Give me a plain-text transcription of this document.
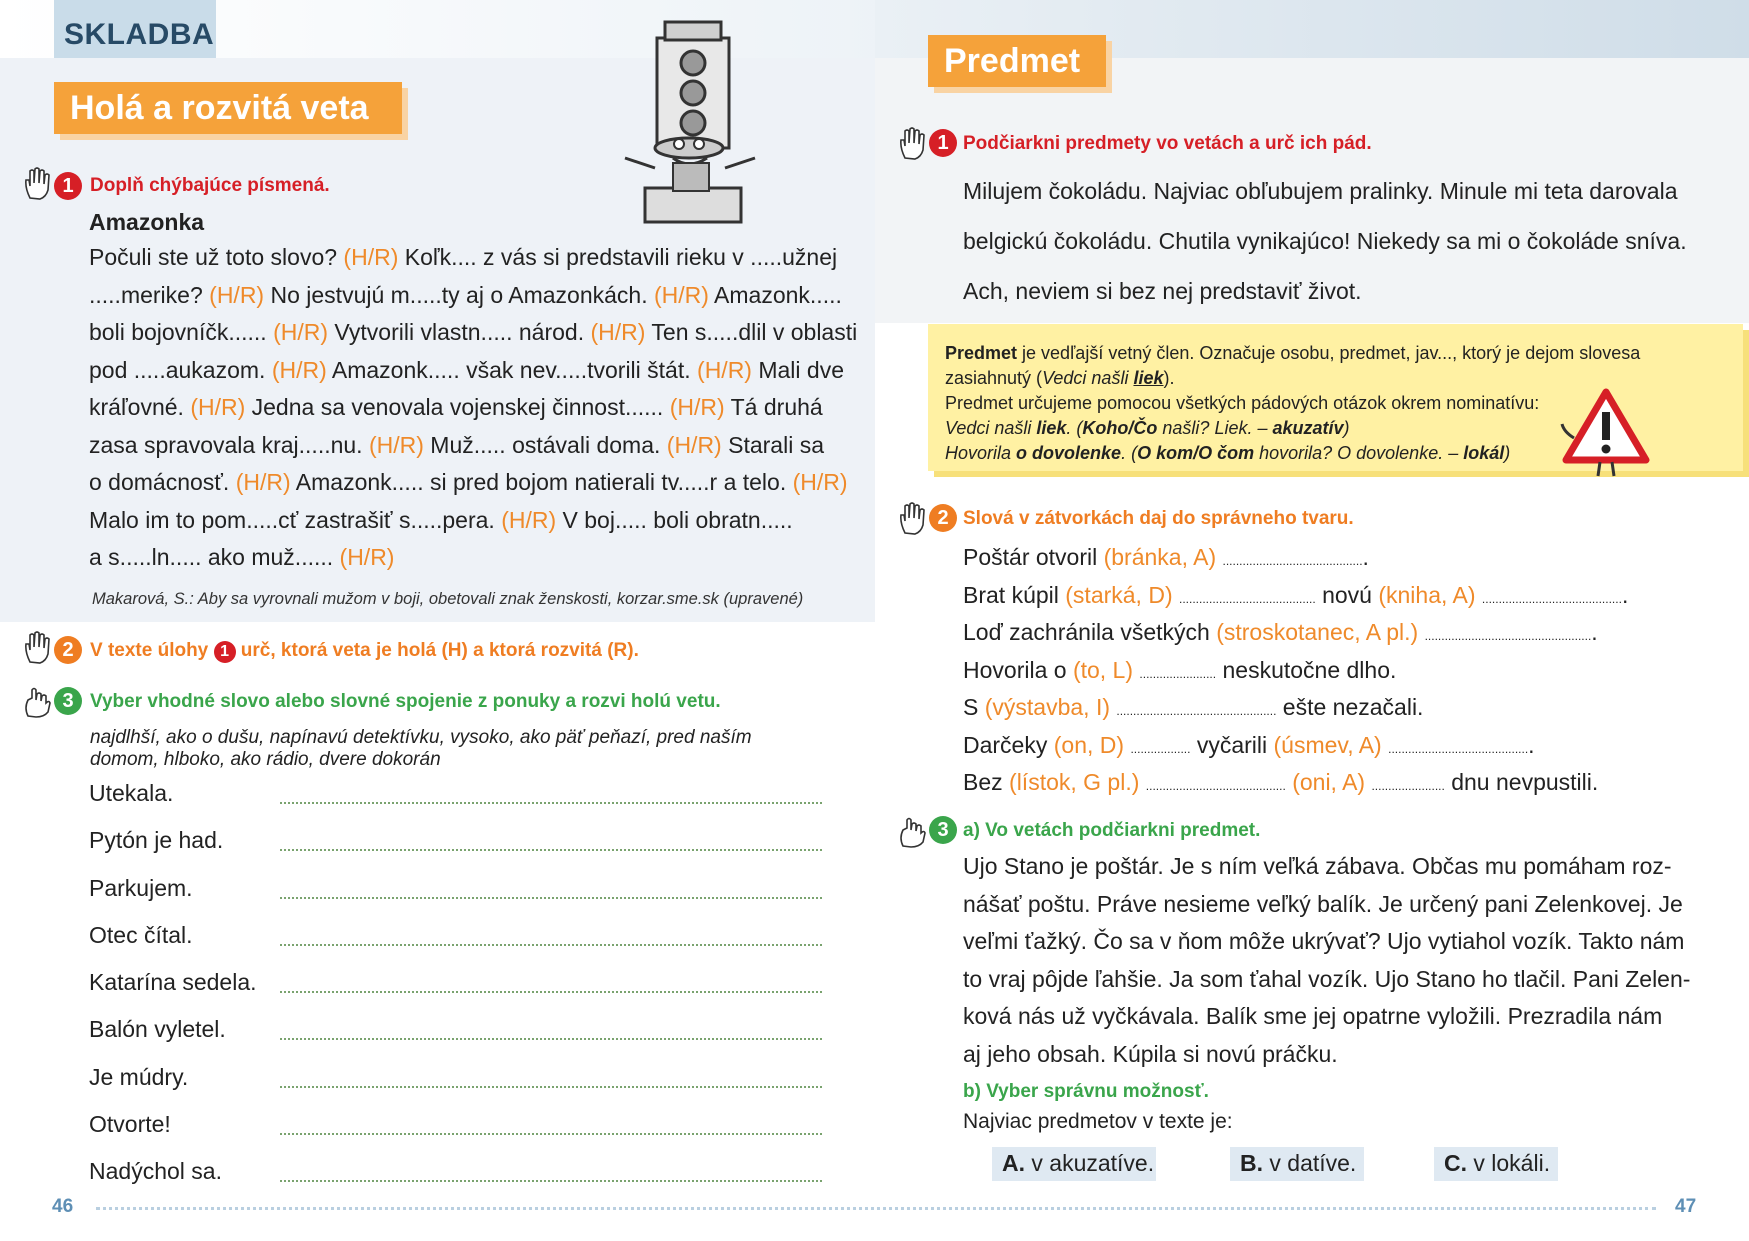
SKLADBA
Holá a rozvitá veta
1 Doplň chýbajúce písmená.
Amazonka
Počuli ste už toto slovo? (H/R) Koľk.... z vás si predstavili rieku v .....užnej
.....merike? (H/R) No jestvujú m.....ty aj o Amazonkách. (H/R) Amazonk.....
boli bojovníčk...... (H/R) Vytvorili vlastn..... národ. (H/R) Ten s.....dlil v oblasti
pod .....aukazom. (H/R) Amazonk..... však nev.....tvorili štát. (H/R) Mali dve
kráľovné. (H/R) Jedna sa venovala vojenskej činnost...... (H/R) Tá druhá
zasa spravovala kraj.....nu. (H/R) Muž..... ostávali doma. (H/R) Starali sa
o domácnosť. (H/R) Amazonk..... si pred bojom natierali tv.....r a telo. (H/R)
Malo im to pom.....cť zastrašiť s.....pera. (H/R) V boj..... boli obratn.....
a s.....ln..... ako muž...... (H/R)
Makarová, S.: Aby sa vyrovnali mužom v boji, obetovali znak ženskosti, korzar.sme.sk (upravené)
2 V texte úlohy 1 urč, ktorá veta je holá (H) a ktorá rozvitá (R).
3 Vyber vhodné slovo alebo slovné spojenie z ponuky a rozvi holú vetu.
najdlhší, ako o dušu, napínavú detektívku, vysoko, ako päť peňazí, pred naším
domom, hlboko, ako rádio, dvere dokorán
Utekala.
Pytón je had.
Parkujem.
Otec čítal.
Katarína sedela.
Balón vyletel.
Je múdry.
Otvorte!
Nadýchol sa.
46	47
Predmet
1 Podčiarkni predmety vo vetách a urč ich pád.
Milujem čokoládu. Najviac obľubujem pralinky. Minule mi teta darovala
belgickú čokoládu. Chutila vynikajúco! Niekedy sa mi o čokoláde sníva.
Ach, neviem si bez nej predstaviť život.
Predmet je vedľajší vetný člen. Označuje osobu, predmet, jav..., ktorý je dejom slovesa
zasiahnutý (Vedci našli liek).
Predmet určujeme pomocou všetkých pádových otázok okrem nominatívu:
Vedci našli liek. (Koho/Čo našli? Liek. – akuzatív)
Hovorila o dovolenke. (O kom/O čom hovorila? O dovolenke. – lokál)
2 Slová v zátvorkách daj do správneho tvaru.
Poštár otvoril (bránka, A) ...........................................
Brat kúpil (starká, D) ......................................... novú (kniha, A) ...........................................
Loď zachránila všetkých (stroskotanec, A pl.) ...................................................
Hovorila o (to, L) ....................... neskutočne dlho.
S (výstavba, I) ................................................ ešte nezačali.
Darčeky (on, D) .................. vyčarili (úsmev, A) ...........................................
Bez (lístok, G pl.) .......................................... (oni, A) ...................... dnu nevpustili.
3 a) Vo vetách podčiarkni predmet.
Ujo Stano je poštár. Je s ním veľká zábava. Občas mu pomáham roz-
nášať poštu. Práve nesieme veľký balík. Je určený pani Zelenkovej. Je
veľmi ťažký. Čo sa v ňom môže ukrývať? Ujo vytiahol vozík. Takto nám
to vraj pôjde ľahšie. Ja som ťahal vozík. Ujo Stano ho tlačil. Pani Zelen-
ková nás už vyčkávala. Balík sme jej opatrne vyložili. Prezradila nám
aj jeho obsah. Kúpila si novú práčku.
b) Vyber správnu možnosť.
Najviac predmetov v texte je:
A. v akuzatíve.	B. v datíve.	C. v lokáli.
